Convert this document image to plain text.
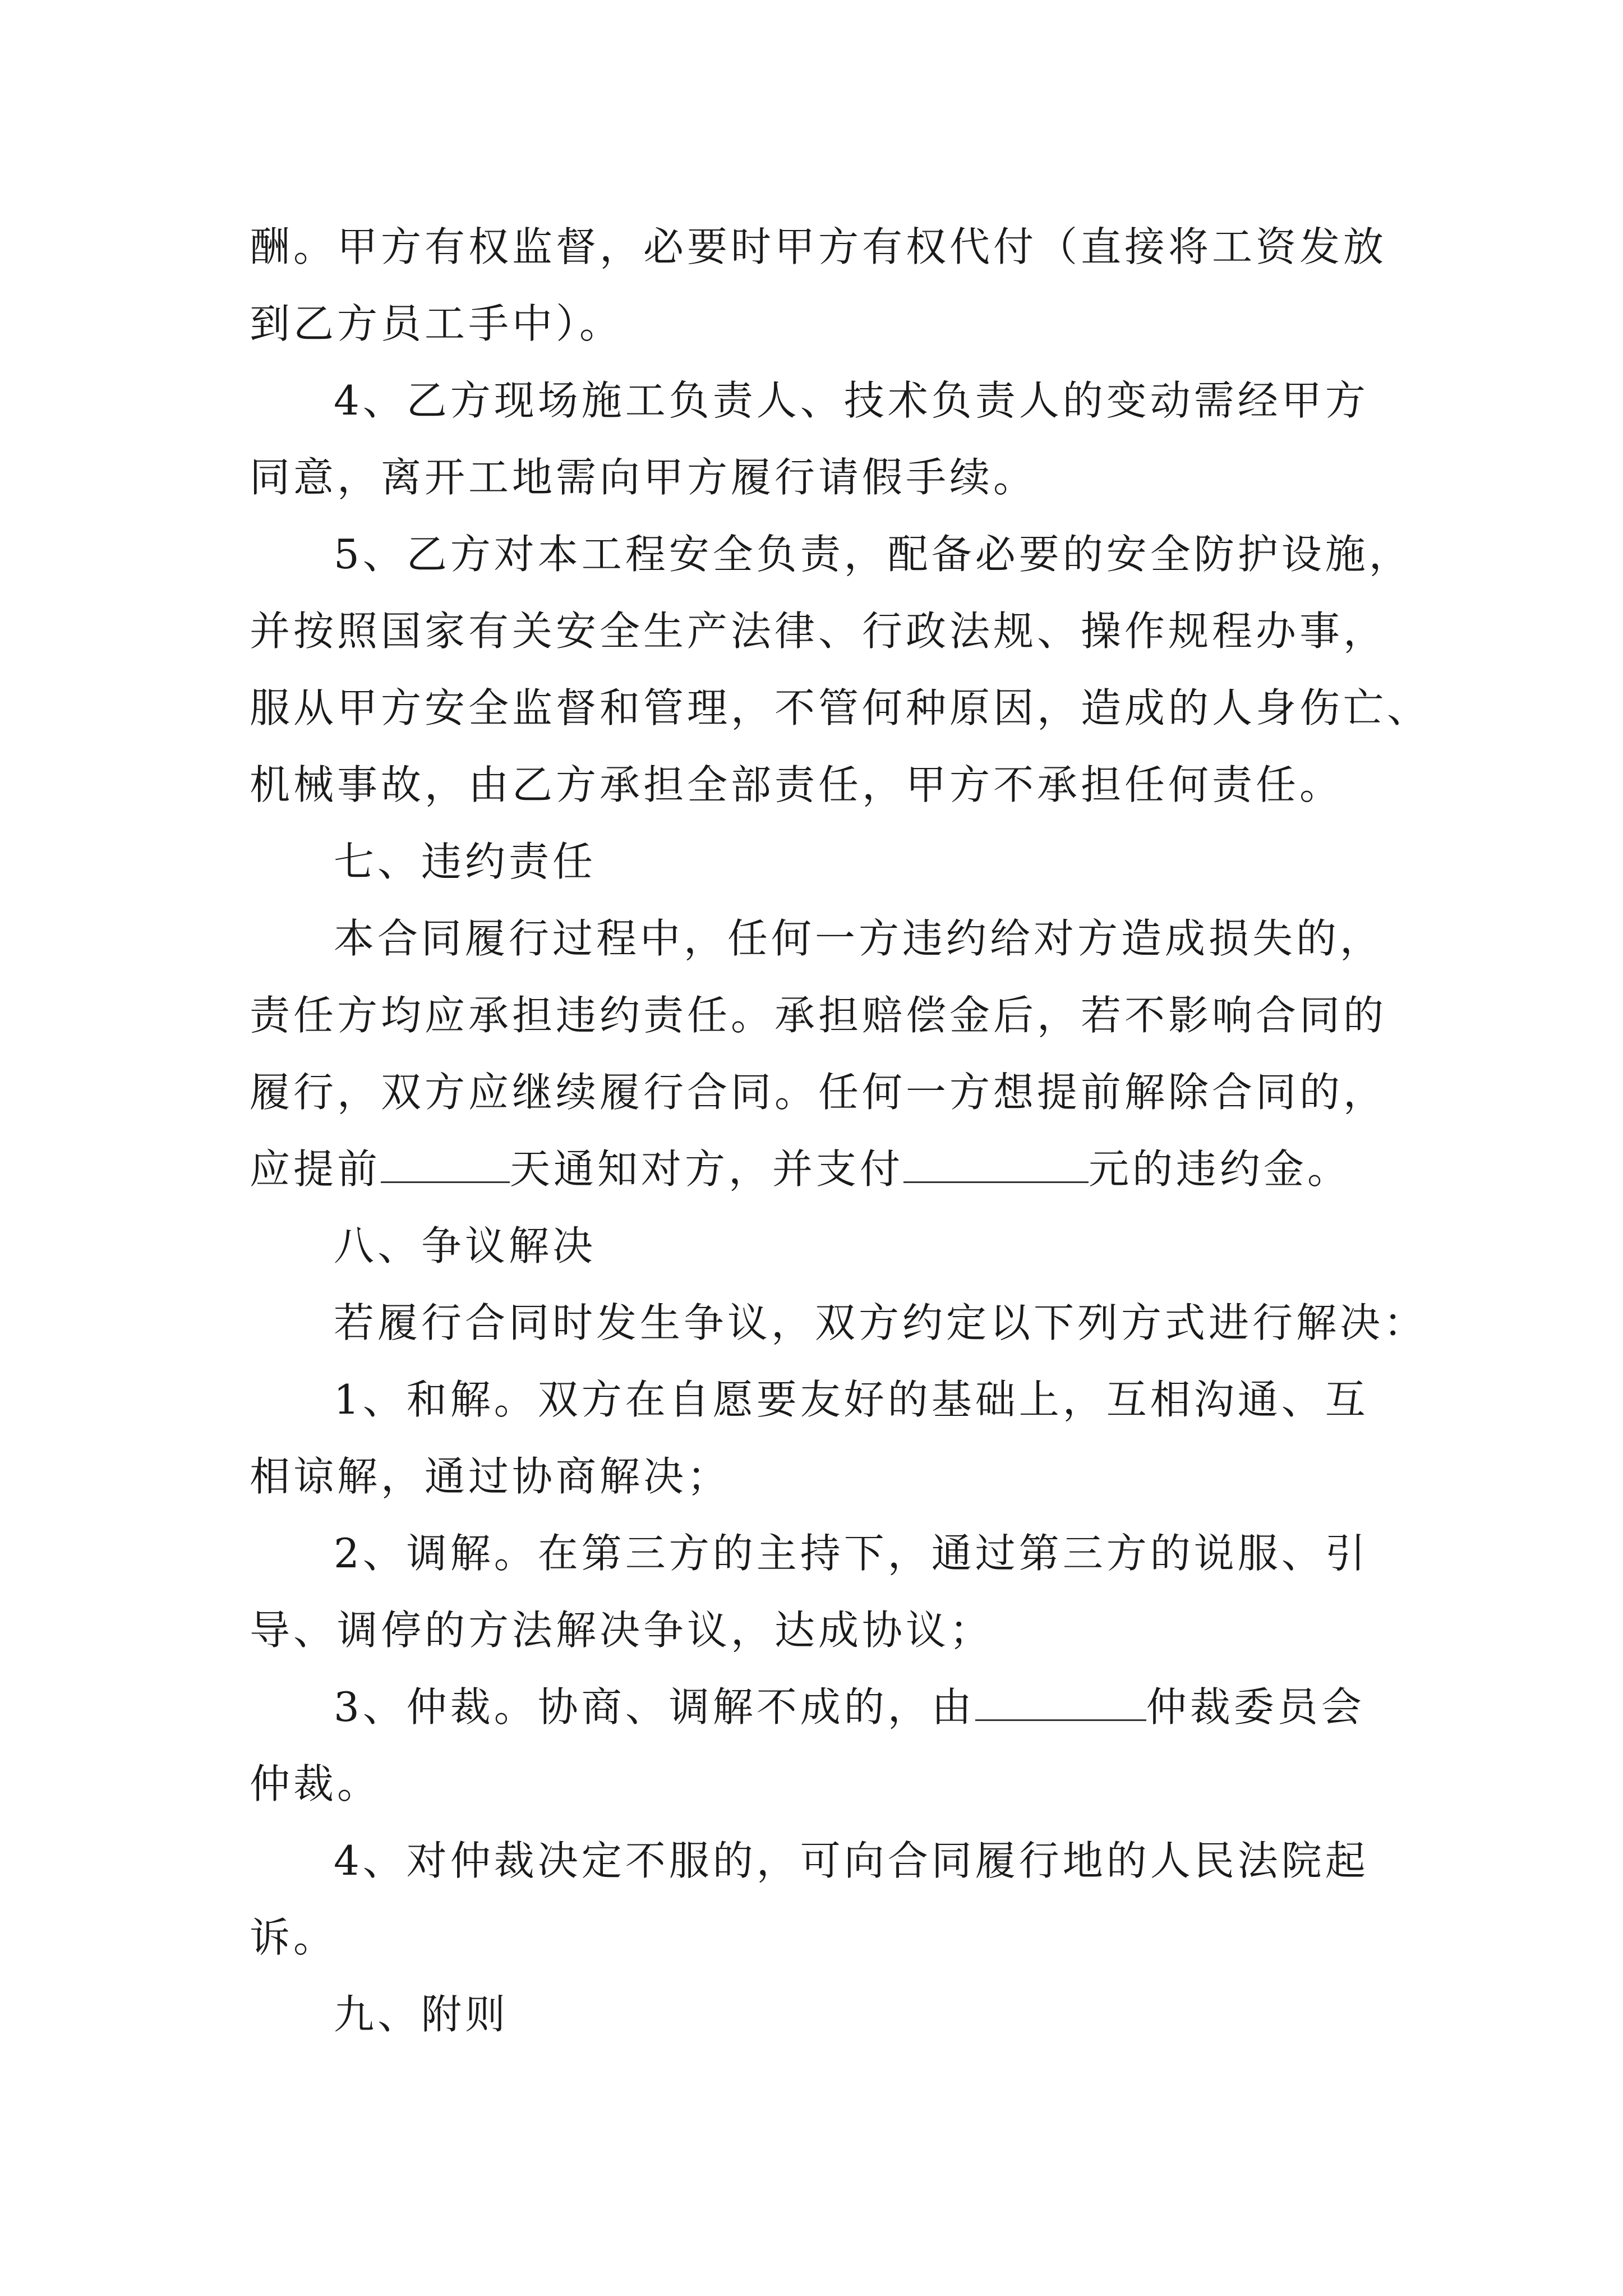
酬。甲方有权监督，必要时甲方有权代付（直接将工资发放
到乙方员工手中）。
4、乙方现场施工负责人、技术负责人的变动需经甲方
同意，离开工地需向甲方履行请假手续。
5、乙方对本工程安全负责，配备必要的安全防护设施，
并按照国家有关安全生产法律、行政法规、操作规程办事，
服从甲方安全监督和管理，不管何种原因，造成的人身伤亡、
机械事故，由乙方承担全部责任，甲方不承担任何责任。
七、违约责任
本合同履行过程中，任何一方违约给对方造成损失的，
责任方均应承担违约责任。承担赔偿金后，若不影响合同的
履行，双方应继续履行合同。任何一方想提前解除合同的，
应提前	天通知对方，并支付	元的违约金。
八、争议解决
若履行合同时发生争议，双方约定以下列方式进行解决：
1、和解。双方在自愿要友好的基础上，互相沟通、互
相谅解，通过协商解决；
2、调解。在第三方的主持下，通过第三方的说服、引
导、调停的方法解决争议，达成协议；
3、仲裁。协商、调解不成的，由	仲裁委员会
仲裁。
4、对仲裁决定不服的，可向合同履行地的人民法院起
诉。
九、附则
